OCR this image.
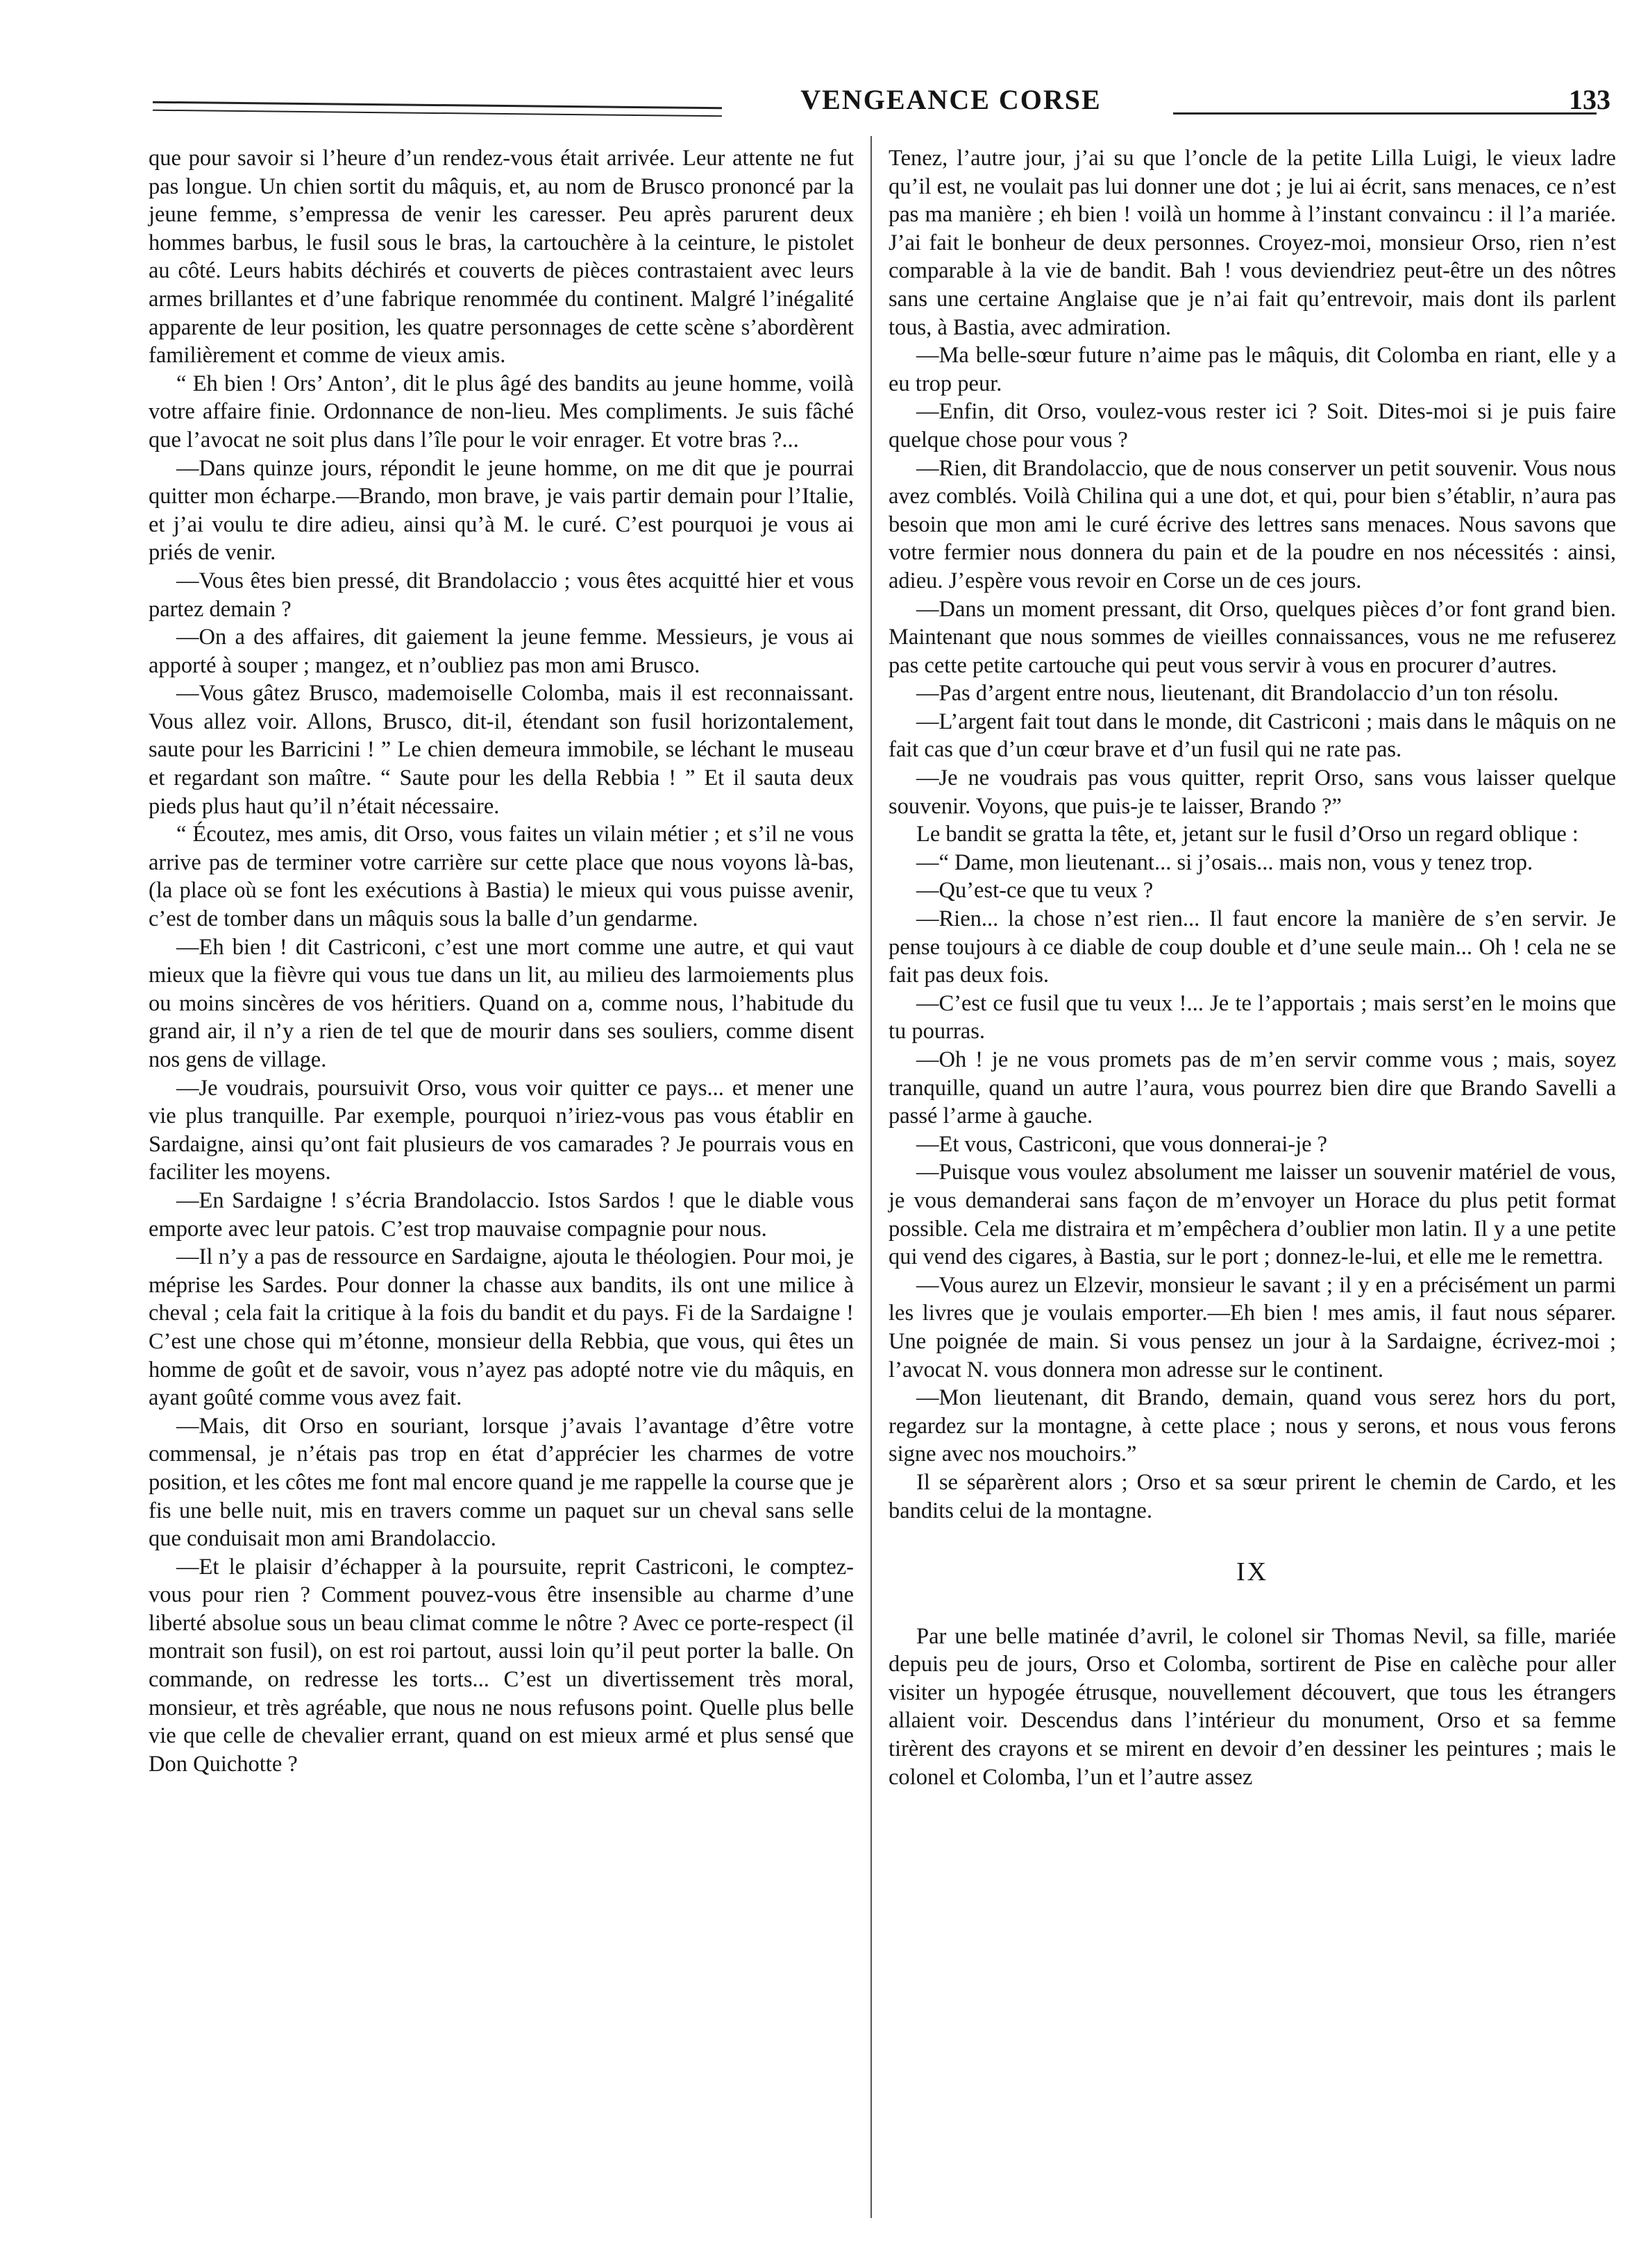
VENGEANCE CORSE	133

que pour savoir si l’heure d’un rendez-vous était arrivée. Leur attente ne fut pas longue. Un chien sortit du mâquis, et, au nom de Brusco prononcé par la jeune femme, s’empressa de venir les caresser. Peu après parurent deux hommes barbus, le fusil sous le bras, la cartouchère à la ceinture, le pistolet au côté. Leurs habits déchirés et couverts de pièces contrastaient avec leurs armes brillantes et d’une fabrique renommée du continent. Malgré l’inégalité apparente de leur position, les quatre personnages de cette scène s’abordèrent familièrement et comme de vieux amis.

“ Eh bien ! Ors’ Anton’, dit le plus âgé des bandits au jeune homme, voilà votre affaire finie. Ordonnance de non-lieu. Mes compliments. Je suis fâché que l’avocat ne soit plus dans l’île pour le voir enrager. Et votre bras ?...

—Dans quinze jours, répondit le jeune homme, on me dit que je pourrai quitter mon écharpe.—Brando, mon brave, je vais partir demain pour l’Italie, et j’ai voulu te dire adieu, ainsi qu’à M. le curé. C’est pourquoi je vous ai priés de venir.

—Vous êtes bien pressé, dit Brandolaccio ; vous êtes acquitté hier et vous partez demain ?

—On a des affaires, dit gaiement la jeune femme. Messieurs, je vous ai apporté à souper ; mangez, et n’oubliez pas mon ami Brusco.

—Vous gâtez Brusco, mademoiselle Colomba, mais il est reconnaissant. Vous allez voir. Allons, Brusco, dit-il, étendant son fusil horizontalement, saute pour les Barricini ! ” Le chien demeura immobile, se léchant le museau et regardant son maître. “ Saute pour les della Rebbia ! ” Et il sauta deux pieds plus haut qu’il n’était nécessaire.

“ Écoutez, mes amis, dit Orso, vous faites un vilain métier ; et s’il ne vous arrive pas de terminer votre carrière sur cette place que nous voyons là-bas, (la place où se font les exécutions à Bastia) le mieux qui vous puisse avenir, c’est de tomber dans un mâquis sous la balle d’un gendarme.

—Eh bien ! dit Castriconi, c’est une mort comme une autre, et qui vaut mieux que la fièvre qui vous tue dans un lit, au milieu des larmoiements plus ou moins sincères de vos héritiers. Quand on a, comme nous, l’habitude du grand air, il n’y a rien de tel que de mourir dans ses souliers, comme disent nos gens de village.

—Je voudrais, poursuivit Orso, vous voir quitter ce pays... et mener une vie plus tranquille. Par exemple, pourquoi n’iriez-vous pas vous établir en Sardaigne, ainsi qu’ont fait plusieurs de vos camarades ? Je pourrais vous en faciliter les moyens.

—En Sardaigne ! s’écria Brandolaccio. Istos Sardos ! que le diable vous emporte avec leur patois. C’est trop mauvaise compagnie pour nous.

—Il n’y a pas de ressource en Sardaigne, ajouta le théologien. Pour moi, je méprise les Sardes. Pour donner la chasse aux bandits, ils ont une milice à cheval ; cela fait la critique à la fois du bandit et du pays. Fi de la Sardaigne ! C’est une chose qui m’étonne, monsieur della Rebbia, que vous, qui êtes un homme de goût et de savoir, vous n’ayez pas adopté notre vie du mâquis, en ayant goûté comme vous avez fait.

—Mais, dit Orso en souriant, lorsque j’avais l’avantage d’être votre commensal, je n’étais pas trop en état d’apprécier les charmes de votre position, et les côtes me font mal encore quand je me rappelle la course que je fis une belle nuit, mis en travers comme un paquet sur un cheval sans selle que conduisait mon ami Brandolaccio.

—Et le plaisir d’échapper à la poursuite, reprit Castriconi, le comptez-vous pour rien ? Comment pouvez-vous être insensible au charme d’une liberté absolue sous un beau climat comme le nôtre ? Avec ce porte-respect (il montrait son fusil), on est roi partout, aussi loin qu’il peut porter la balle. On commande, on redresse les torts... C’est un divertissement très moral, monsieur, et très agréable, que nous ne nous refusons point. Quelle plus belle vie que celle de chevalier errant, quand on est mieux armé et plus sensé que Don Quichotte ?

Tenez, l’autre jour, j’ai su que l’oncle de la petite Lilla Luigi, le vieux ladre qu’il est, ne voulait pas lui donner une dot ; je lui ai écrit, sans menaces, ce n’est pas ma manière ; eh bien ! voilà un homme à l’instant convaincu : il l’a mariée. J’ai fait le bonheur de deux personnes. Croyez-moi, monsieur Orso, rien n’est comparable à la vie de bandit. Bah ! vous deviendriez peut-être un des nôtres sans une certaine Anglaise que je n’ai fait qu’entrevoir, mais dont ils parlent tous, à Bastia, avec admiration.

—Ma belle-sœur future n’aime pas le mâquis, dit Colomba en riant, elle y a eu trop peur.

—Enfin, dit Orso, voulez-vous rester ici ? Soit. Dites-moi si je puis faire quelque chose pour vous ?

—Rien, dit Brandolaccio, que de nous conserver un petit souvenir. Vous nous avez comblés. Voilà Chilina qui a une dot, et qui, pour bien s’établir, n’aura pas besoin que mon ami le curé écrive des lettres sans menaces. Nous savons que votre fermier nous donnera du pain et de la poudre en nos nécessités : ainsi, adieu. J’espère vous revoir en Corse un de ces jours.

—Dans un moment pressant, dit Orso, quelques pièces d’or font grand bien. Maintenant que nous sommes de vieilles connaissances, vous ne me refuserez pas cette petite cartouche qui peut vous servir à vous en procurer d’autres.

—Pas d’argent entre nous, lieutenant, dit Brandolaccio d’un ton résolu.

—L’argent fait tout dans le monde, dit Castriconi ; mais dans le mâquis on ne fait cas que d’un cœur brave et d’un fusil qui ne rate pas.

—Je ne voudrais pas vous quitter, reprit Orso, sans vous laisser quelque souvenir. Voyons, que puis-je te laisser, Brando ?”

Le bandit se gratta la tête, et, jetant sur le fusil d’Orso un regard oblique :

—“ Dame, mon lieutenant... si j’osais... mais non, vous y tenez trop.

—Qu’est-ce que tu veux ?

—Rien... la chose n’est rien... Il faut encore la manière de s’en servir. Je pense toujours à ce diable de coup double et d’une seule main... Oh ! cela ne se fait pas deux fois.

—C’est ce fusil que tu veux !... Je te l’apportais ; mais serst’en le moins que tu pourras.

—Oh ! je ne vous promets pas de m’en servir comme vous ; mais, soyez tranquille, quand un autre l’aura, vous pourrez bien dire que Brando Savelli a passé l’arme à gauche.

—Et vous, Castriconi, que vous donnerai-je ?

—Puisque vous voulez absolument me laisser un souvenir matériel de vous, je vous demanderai sans façon de m’envoyer un Horace du plus petit format possible. Cela me distraira et m’empêchera d’oublier mon latin. Il y a une petite qui vend des cigares, à Bastia, sur le port ; donnez-le-lui, et elle me le remettra.

—Vous aurez un Elzevir, monsieur le savant ; il y en a précisément un parmi les livres que je voulais emporter.—Eh bien ! mes amis, il faut nous séparer. Une poignée de main. Si vous pensez un jour à la Sardaigne, écrivez-moi ; l’avocat N. vous donnera mon adresse sur le continent.

—Mon lieutenant, dit Brando, demain, quand vous serez hors du port, regardez sur la montagne, à cette place ; nous y serons, et nous vous ferons signe avec nos mouchoirs.”

Il se séparèrent alors ; Orso et sa sœur prirent le chemin de Cardo, et les bandits celui de la montagne.

IX

Par une belle matinée d’avril, le colonel sir Thomas Nevil, sa fille, mariée depuis peu de jours, Orso et Colomba, sortirent de Pise en calèche pour aller visiter un hypogée étrusque, nouvellement découvert, que tous les étrangers allaient voir. Descendus dans l’intérieur du monument, Orso et sa femme tirèrent des crayons et se mirent en devoir d’en dessiner les peintures ; mais le colonel et Colomba, l’un et l’autre assez
